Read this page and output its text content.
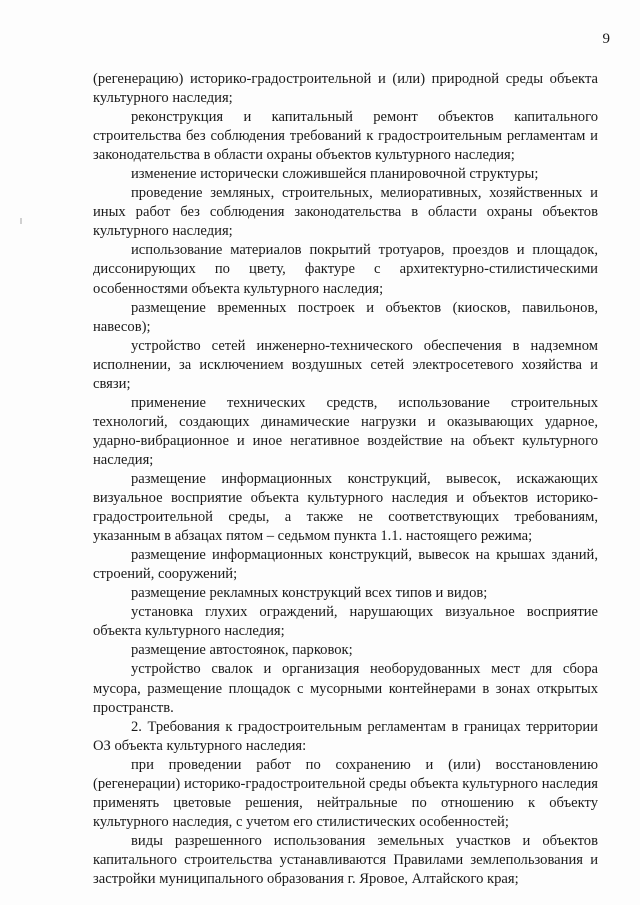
9

(регенерацию) историко-градостроительной и (или) природной среды объекта культурного наследия;

реконструкция и капитальный ремонт объектов капитального строительства без соблюдения требований к градостроительным регламентам и законодательства в области охраны объектов культурного наследия;

изменение исторически сложившейся планировочной структуры;

проведение земляных, строительных, мелиоративных, хозяйственных и иных работ без соблюдения законодательства в области охраны объектов культурного наследия;

использование материалов покрытий тротуаров, проездов и площадок, диссонирующих по цвету, фактуре с архитектурно-стилистическими особенностями объекта культурного наследия;

размещение временных построек и объектов (киосков, павильонов, навесов);

устройство сетей инженерно-технического обеспечения в надземном исполнении, за исключением воздушных сетей электросетевого хозяйства и связи;

применение технических средств, использование строительных технологий, создающих динамические нагрузки и оказывающих ударное, ударно-вибрационное и иное негативное воздействие на объект культурного наследия;

размещение информационных конструкций, вывесок, искажающих визуальное восприятие объекта культурного наследия и объектов историко-градостроительной среды, а также не соответствующих требованиям, указанным в абзацах пятом – седьмом пункта 1.1. настоящего режима;

размещение информационных конструкций, вывесок на крышах зданий, строений, сооружений;

размещение рекламных конструкций всех типов и видов;

установка глухих ограждений, нарушающих визуальное восприятие объекта культурного наследия;

размещение автостоянок, парковок;

устройство свалок и организация необорудованных мест для сбора мусора, размещение площадок с мусорными контейнерами в зонах открытых пространств.

2. Требования к градостроительным регламентам в границах территории ОЗ объекта культурного наследия:

при проведении работ по сохранению и (или) восстановлению (регенерации) историко-градостроительной среды объекта культурного наследия применять цветовые решения, нейтральные по отношению к объекту культурного наследия, с учетом его стилистических особенностей;

виды разрешенного использования земельных участков и объектов капитального строительства устанавливаются Правилами землепользования и застройки муниципального образования г. Яровое, Алтайского края;
